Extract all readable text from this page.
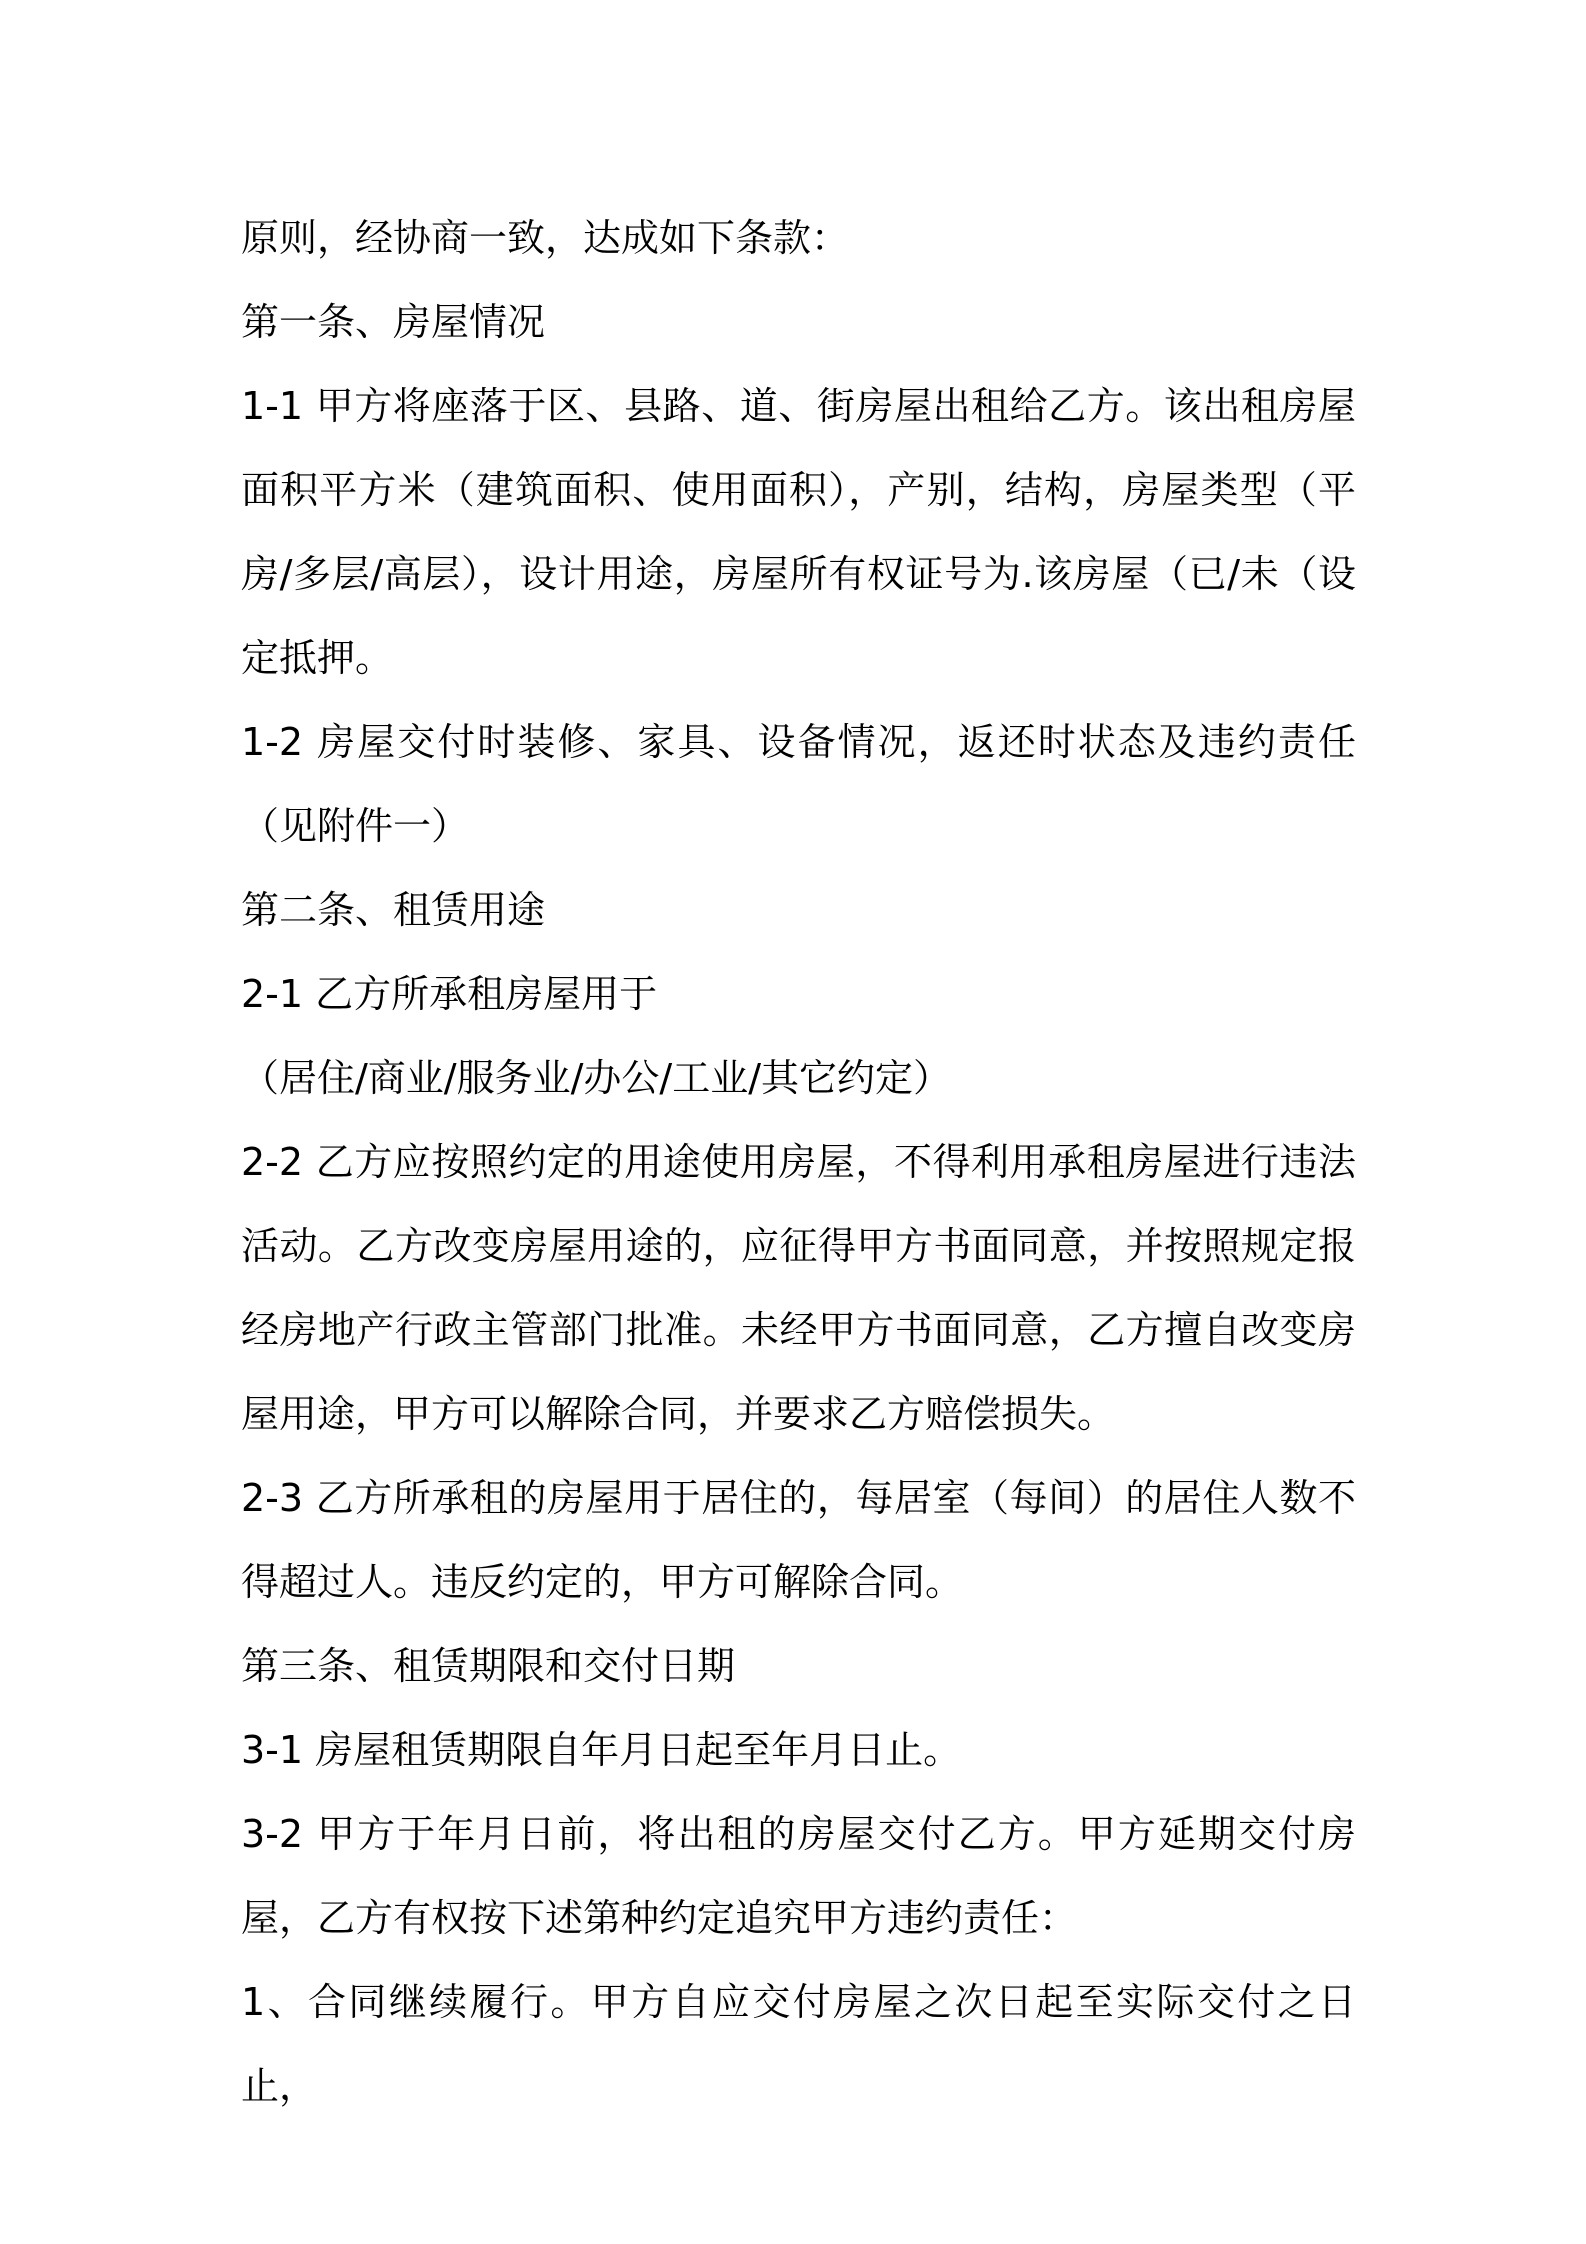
原则，经协商一致，达成如下条款：

第一条、房屋情况

1-1 甲方将座落于区、县路、道、街房屋出租给乙方。该出租房屋面积平方米（建筑面积、使用面积），产别，结构，房屋类型（平房/多层/高层），设计用途，房屋所有权证号为.该房屋（已/未（设定抵押。

1-2 房屋交付时装修、家具、设备情况，返还时状态及违约责任（见附件一）

第二条、租赁用途

2-1 乙方所承租房屋用于

（居住/商业/服务业/办公/工业/其它约定）

2-2 乙方应按照约定的用途使用房屋，不得利用承租房屋进行违法活动。乙方改变房屋用途的，应征得甲方书面同意，并按照规定报经房地产行政主管部门批准。未经甲方书面同意，乙方擅自改变房屋用途，甲方可以解除合同，并要求乙方赔偿损失。

2-3 乙方所承租的房屋用于居住的，每居室（每间）的居住人数不得超过人。违反约定的，甲方可解除合同。

第三条、租赁期限和交付日期

3-1 房屋租赁期限自年月日起至年月日止。

3-2 甲方于年月日前，将出租的房屋交付乙方。甲方延期交付房屋，乙方有权按下述第种约定追究甲方违约责任：

1、合同继续履行。甲方自应交付房屋之次日起至实际交付之日止，
